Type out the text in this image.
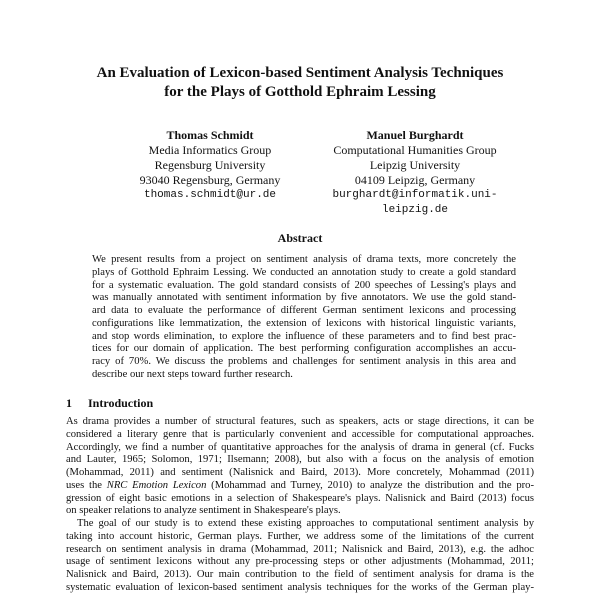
An Evaluation of Lexicon-based Sentiment Analysis Techniques
for the Plays of Gotthold Ephraim Lessing
Thomas Schmidt
Media Informatics Group
Regensburg University
93040 Regensburg, Germany
thomas.schmidt@ur.de
Manuel Burghardt
Computational Humanities Group
Leipzig University
04109 Leipzig, Germany
burghardt@informatik.uni-
leipzig.de
Abstract
We present results from a project on sentiment analysis of drama texts, more concretely the
plays of Gotthold Ephraim Lessing. We conducted an annotation study to create a gold standard
for a systematic evaluation. The gold standard consists of 200 speeches of Lessing's plays and
was manually annotated with sentiment information by five annotators. We use the gold stand-
ard data to evaluate the performance of different German sentiment lexicons and processing
configurations like lemmatization, the extension of lexicons with historical linguistic variants,
and stop words elimination, to explore the influence of these parameters and to find best prac-
tices for our domain of application. The best performing configuration accomplishes an accu-
racy of 70%. We discuss the problems and challenges for sentiment analysis in this area and
describe our next steps toward further research.
1 Introduction
As drama provides a number of structural features, such as speakers, acts or stage directions, it can be
considered a literary genre that is particularly convenient and accessible for computational approaches.
Accordingly, we find a number of quantitative approaches for the analysis of drama in general (cf. Fucks
and Lauter, 1965; Solomon, 1971; Ilsemann; 2008), but also with a focus on the analysis of emotion
(Mohammad, 2011) and sentiment (Nalisnick and Baird, 2013). More concretely, Mohammad (2011)
uses the NRC Emotion Lexicon (Mohammad and Turney, 2010) to analyze the distribution and the pro-
gression of eight basic emotions in a selection of Shakespeare's plays. Nalisnick and Baird (2013) focus
on speaker relations to analyze sentiment in Shakespeare's plays.
The goal of our study is to extend these existing approaches to computational sentiment analysis by
taking into account historic, German plays. Further, we address some of the limitations of the current
research on sentiment analysis in drama (Mohammad, 2011; Nalisnick and Baird, 2013), e.g. the adhoc
usage of sentiment lexicons without any pre-processing steps or other adjustments (Mohammad, 2011;
Nalisnick and Baird, 2013). Our main contribution to the field of sentiment analysis for drama is the
systematic evaluation of lexicon-based sentiment analysis techniques for the works of the German play-
